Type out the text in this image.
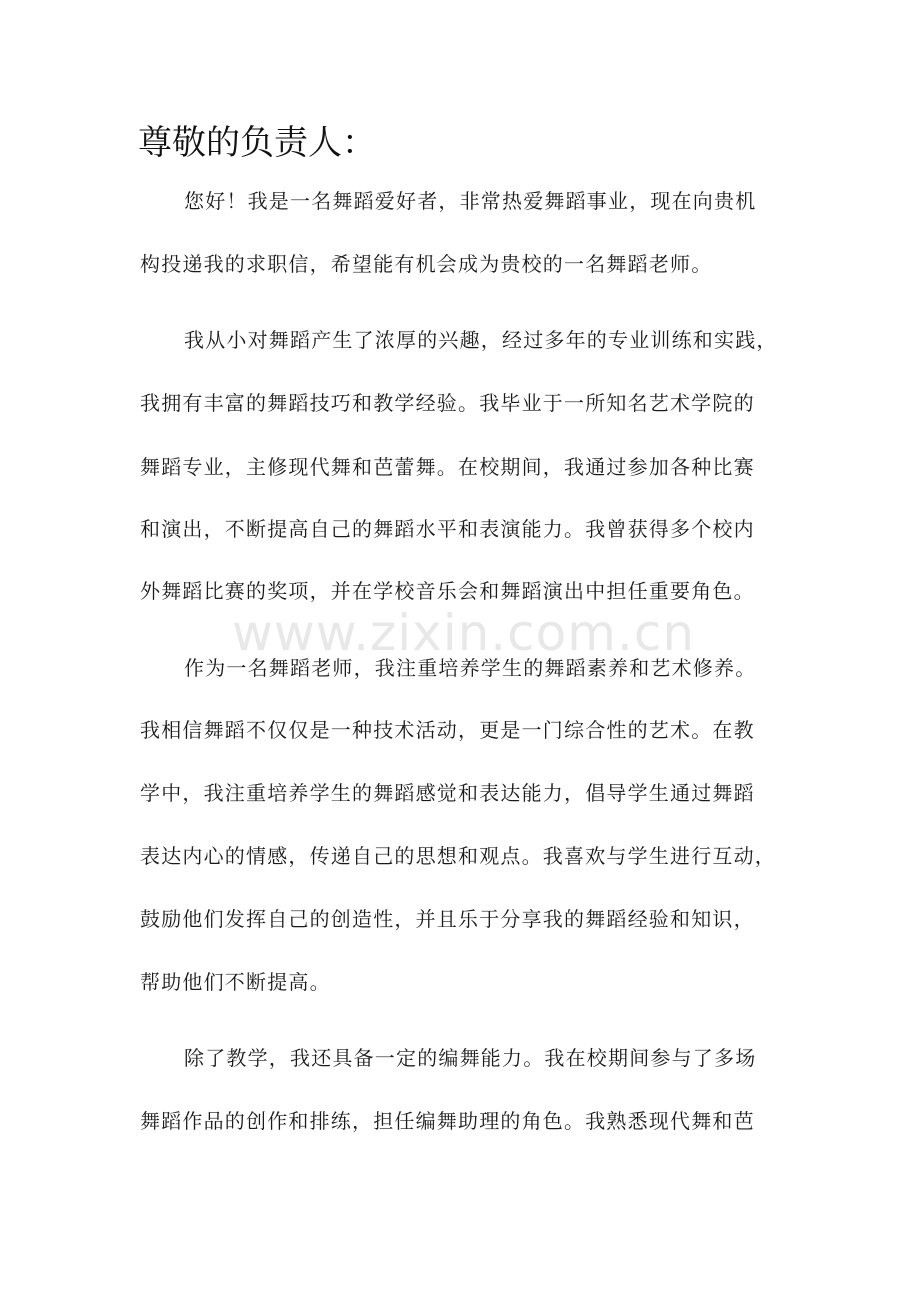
尊敬的负责人：
您好！我是一名舞蹈爱好者，非常热爱舞蹈事业，现在向贵机
构投递我的求职信，希望能有机会成为贵校的一名舞蹈老师。
我从小对舞蹈产生了浓厚的兴趣，经过多年的专业训练和实践，
我拥有丰富的舞蹈技巧和教学经验。我毕业于一所知名艺术学院的
舞蹈专业，主修现代舞和芭蕾舞。在校期间，我通过参加各种比赛
和演出，不断提高自己的舞蹈水平和表演能力。我曾获得多个校内
外舞蹈比赛的奖项，并在学校音乐会和舞蹈演出中担任重要角色。
作为一名舞蹈老师，我注重培养学生的舞蹈素养和艺术修养。
我相信舞蹈不仅仅是一种技术活动，更是一门综合性的艺术。在教
学中，我注重培养学生的舞蹈感觉和表达能力，倡导学生通过舞蹈
表达内心的情感，传递自己的思想和观点。我喜欢与学生进行互动，
鼓励他们发挥自己的创造性，并且乐于分享我的舞蹈经验和知识，
帮助他们不断提高。
除了教学，我还具备一定的编舞能力。我在校期间参与了多场
舞蹈作品的创作和排练，担任编舞助理的角色。我熟悉现代舞和芭
www.zixin.com.cn
